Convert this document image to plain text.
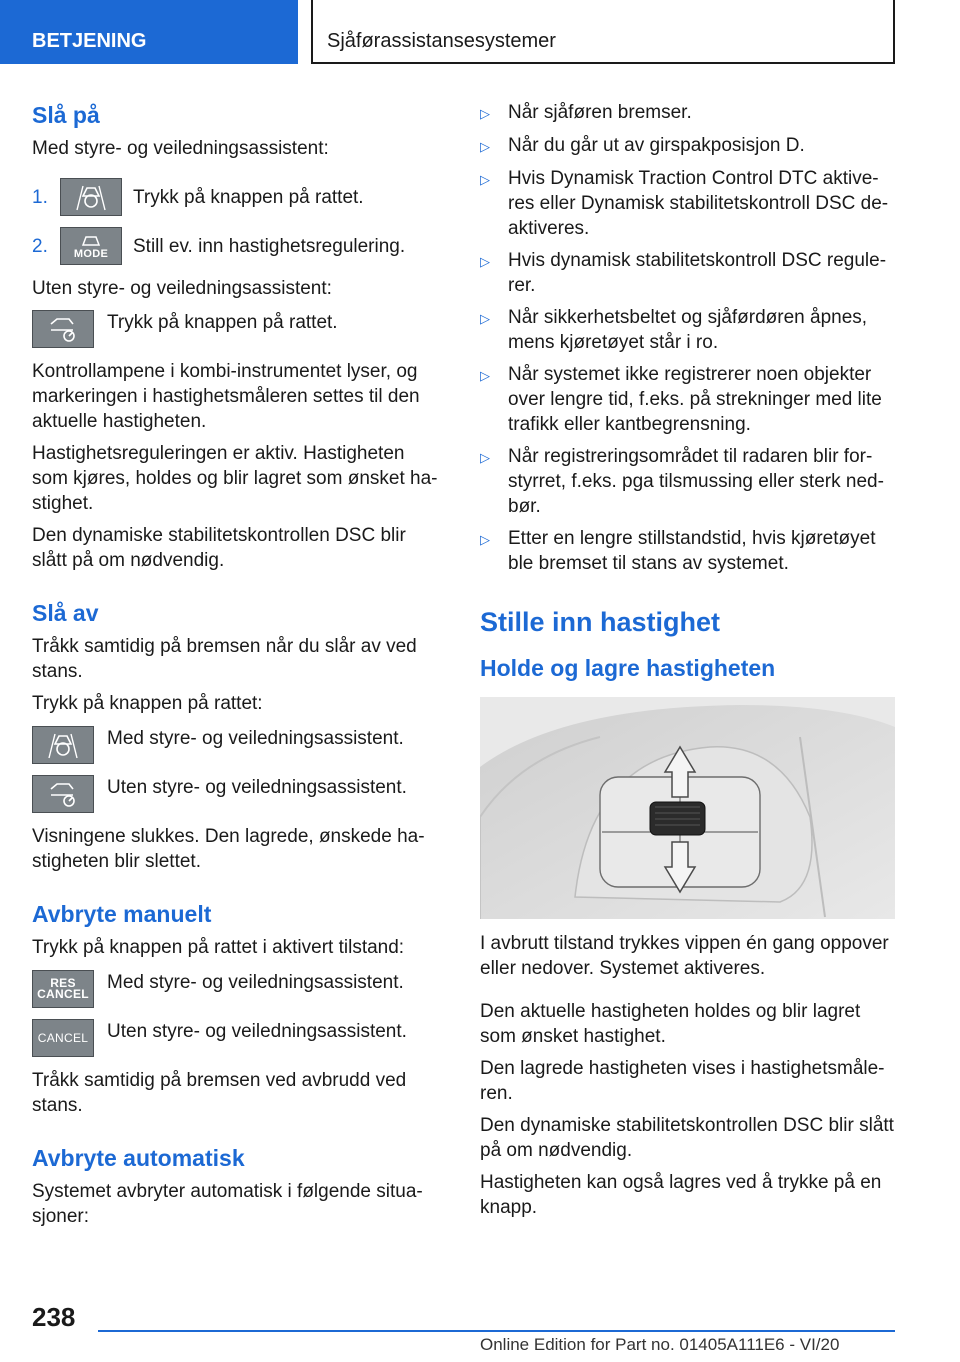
BETJENING	Sjåførassistansesystemer
Slå på
Med styre- og veiledningsassistent:
1.	Trykk på knappen på rattet.
2.	MODE Still ev. inn hastighetsregulering.
Uten styre- og veiledningsassistent:
Trykk på knappen på rattet.
Kontrollampene i kombi-instrumentet lyser, og markeringen i hastighetsmåleren settes til den aktuelle hastigheten.
Hastighetsreguleringen er aktiv. Hastigheten som kjøres, holdes og blir lagret som ønsket ha-stighet.
Den dynamiske stabilitetskontrollen DSC blir slått på om nødvendig.
Slå av
Tråkk samtidig på bremsen når du slår av ved stans.
Trykk på knappen på rattet:
Med styre- og veiledningsassistent.
Uten styre- og veiledningsassistent.
Visningene slukkes. Den lagrede, ønskede ha-stigheten blir slettet.
Avbryte manuelt
Trykk på knappen på rattet i aktivert tilstand:
RES
CANCEL
Med styre- og veiledningsassistent.
CANCEL Uten styre- og veiledningsassistent.
Tråkk samtidig på bremsen ved avbrudd ved stans.
Avbryte automatisk
Systemet avbryter automatisk i følgende situa-sjoner:
▷ Når sjåføren bremser.
▷ Når du går ut av girspakposisjon D.
▷ Hvis Dynamisk Traction Control DTC aktive-res eller Dynamisk stabilitetskontroll DSC de-aktiveres.
▷ Hvis dynamisk stabilitetskontroll DSC regule-rer.
▷ Når sikkerhetsbeltet og sjåførdøren åpnes, mens kjøretøyet står i ro.
▷ Når systemet ikke registrerer noen objekter over lengre tid, f.eks. på strekninger med lite trafikk eller kantbegrensning.
▷ Når registreringsområdet til radaren blir for-styrret, f.eks. pga tilsmussing eller sterk ned-bør.
▷ Etter en lengre stillstandstid, hvis kjøretøyet ble bremset til stans av systemet.
Stille inn hastighet
Holde og lagre hastigheten
I avbrutt tilstand trykkes vippen én gang oppover eller nedover. Systemet aktiveres.
Den aktuelle hastigheten holdes og blir lagret som ønsket hastighet.
Den lagrede hastigheten vises i hastighetsmåle-ren.
Den dynamiske stabilitetskontrollen DSC blir slått på om nødvendig.
Hastigheten kan også lagres ved å trykke på en knapp.
238
Online Edition for Part no. 01405A111E6 - VI/20
